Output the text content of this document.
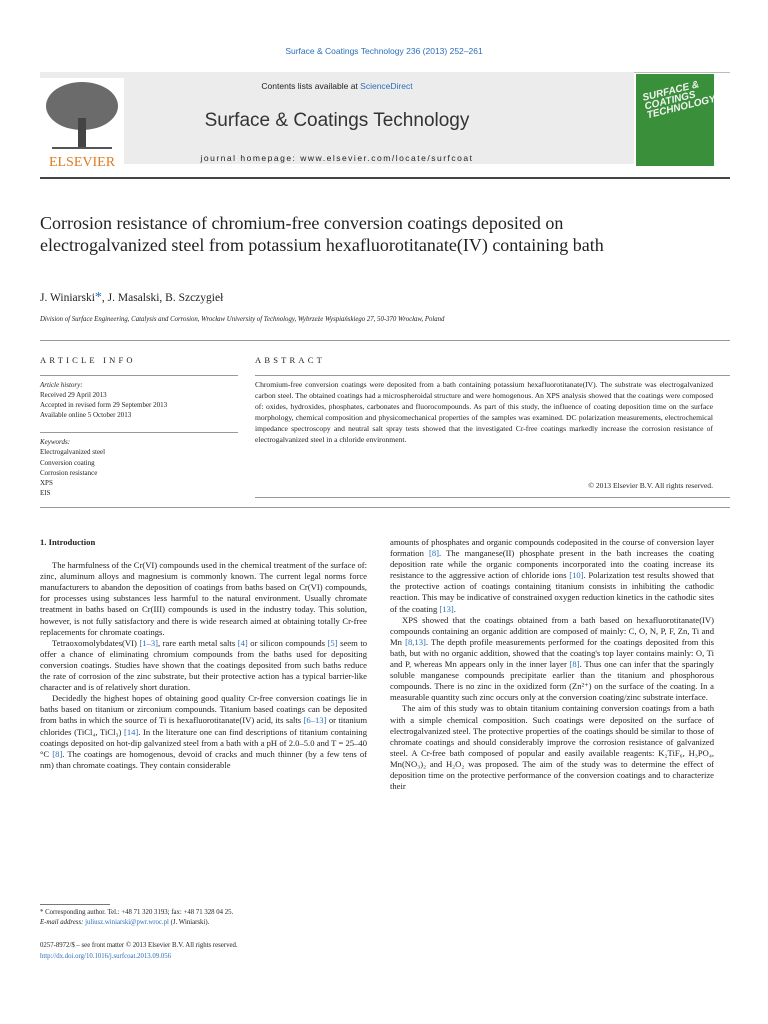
Surface & Coatings Technology 236 (2013) 252–261
ELSEVIER
Contents lists available at ScienceDirect
Surface & Coatings Technology
journal homepage: www.elsevier.com/locate/surfcoat
SURFACE & COATINGS TECHNOLOGY
Corrosion resistance of chromium-free conversion coatings deposited on electrogalvanized steel from potassium hexafluorotitanate(IV) containing bath
J. Winiarski*, J. Masalski, B. Szczygieł
Division of Surface Engineering, Catalysis and Corrosion, Wrocław University of Technology, Wybrzeże Wyspiańskiego 27, 50-370 Wrocław, Poland
ARTICLE INFO	ABSTRACT
Article history:
Received 29 April 2013
Accepted in revised form 29 September 2013
Available online 5 October 2013
Keywords:
Electrogalvanized steel
Conversion coating
Corrosion resistance
XPS
EIS
Chromium-free conversion coatings were deposited from a bath containing potassium hexafluorotitanate(IV). The substrate was electrogalvanized carbon steel. The obtained coatings had a microspheroidal structure and were homogenous. An XPS analysis showed that the coatings were composed of: oxides, hydroxides, phosphates, carbonates and fluorocompounds. As part of this study, the influence of coating deposition time on the surface morphology, chemical composition and physicomechanical properties of the samples was examined. DC polarization measurements, electrochemical impedance spectroscopy and neutral salt spray tests showed that the investigated Cr-free coatings markedly increase the corrosion resistance of electrogalvanized steel in a chloride environment.
© 2013 Elsevier B.V. All rights reserved.

1. Introduction

The harmfulness of the Cr(VI) compounds used in the chemical treatment of the surface of: zinc, aluminum alloys and magnesium is commonly known. The current legal norms force manufacturers to abandon the deposition of coatings from baths based on Cr(VI) compounds, for processes using substances less harmful to the natural environment. Usually chromate treatment in baths based on Cr(III) compounds is used in the industry today. This solution, however, is not fully satisfactory and there is wide research aimed at obtaining totally Cr-free replacements for chromate coatings.

Tetraoxomolybdates(VI) [1–3], rare earth metal salts [4] or silicon compounds [5] seem to offer a chance of eliminating chromium compounds from the baths used for depositing conversion coatings. Studies have shown that the coatings deposited from such baths reduce the rate of corrosion of the zinc substrate, but their protective action has a typical barrier-like character and is of relatively short duration.

Decidedly the highest hopes of obtaining good quality Cr-free conversion coatings lie in baths based on titanium or zirconium compounds. Titanium based coatings can be deposited from baths in which the source of Ti is hexafluorotitanate(IV) acid, its salts [6–13] or titanium chlorides (TiCl₄, TiCl₃) [14]. In the literature one can find descriptions of titanium containing coatings deposited on hot-dip galvanized steel from a bath with a pH of 2.0–5.0 and T = 25–40 °C [8]. The coatings are homogenous, devoid of cracks and much thinner (by a few tens of nm) than chromate coatings. They contain considerable

amounts of phosphates and organic compounds codeposited in the course of conversion layer formation [8]. The manganese(II) phosphate present in the bath increases the coating deposition rate while the organic components incorporated into the coating increase its resistance to the aggressive action of chloride ions [10]. Polarization test results showed that the protective action of coatings containing titanium consists in inhibiting the cathodic reaction. This may be indicative of constrained oxygen reduction kinetics in the cathodic sites of the coating [13].

XPS showed that the coatings obtained from a bath based on hexafluorotitanate(IV) compounds containing an organic addition are composed of mainly: C, O, N, P, F, Zn, Ti and Mn [8,13]. The depth profile measurements performed for the coatings deposited from this bath, but with no organic addition, showed that the coating's top layer contains mainly: O, Ti and P, whereas Mn appears only in the inner layer [8]. Thus one can infer that the sparingly soluble manganese compounds precipitate earlier than the titanium and phosphorous compounds. There is no zinc in the oxidized form (Zn²⁺) on the surface of the coating. In a measurable quantity such zinc occurs only at the conversion coating/zinc substrate interface.

The aim of this study was to obtain titanium containing conversion coatings from a bath with a simple chemical composition. Such coatings were deposited on the surface of electrogalvanized steel. The protective properties of the coatings should be similar to those of chromate coatings and should considerably improve the corrosion resistance of galvanized steel. A Cr-free bath composed of popular and easily available reagents: K₂TiF₆, H₃PO₄, Mn(NO₃)₂ and H₂O₂ was proposed. The aim of the study was to determine the effect of deposition time on the protective performance of the conversion coatings and to characterize their

* Corresponding author. Tel.: +48 71 320 3193; fax: +48 71 328 04 25.
E-mail address: juliusz.winiarski@pwr.wroc.pl (J. Winiarski).
0257-8972/$ – see front matter © 2013 Elsevier B.V. All rights reserved.
http://dx.doi.org/10.1016/j.surfcoat.2013.09.056
